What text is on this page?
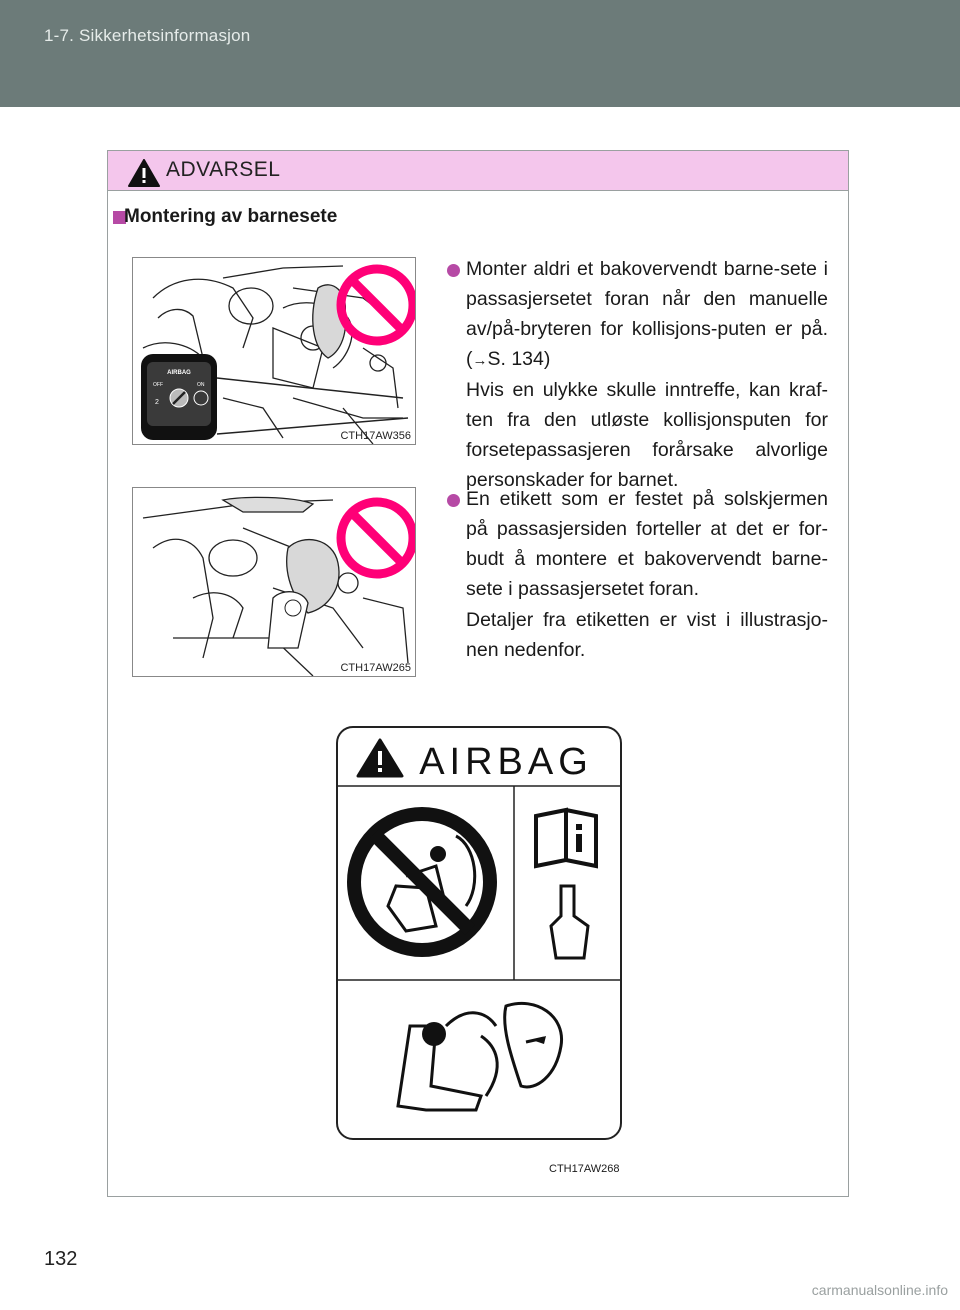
1-7. Sikkerhetsinformasjon
ADVARSEL
Montering av barnesete
AIRBAG
OFF	ON
2
CTH17AW356
CTH17AW265
Monter aldri et bakovervendt barne-sete i passasjersetet foran når den manuelle av/på-bryteren for kollisjons-puten er på. (→S. 134)
Hvis en ulykke skulle inntreffe, kan kraf-ten fra den utløste kollisjonsputen for forsetepassasjeren forårsake alvorlige personskader for barnet.
En etikett som er festet på solskjermen på passasjersiden forteller at det er for-budt å montere et bakovervendt barne-sete i passasjersetet foran.
Detaljer fra etiketten er vist i illustrasjo-nen nedenfor.
AIRBAG
CTH17AW268
132
carmanualsonline.info
